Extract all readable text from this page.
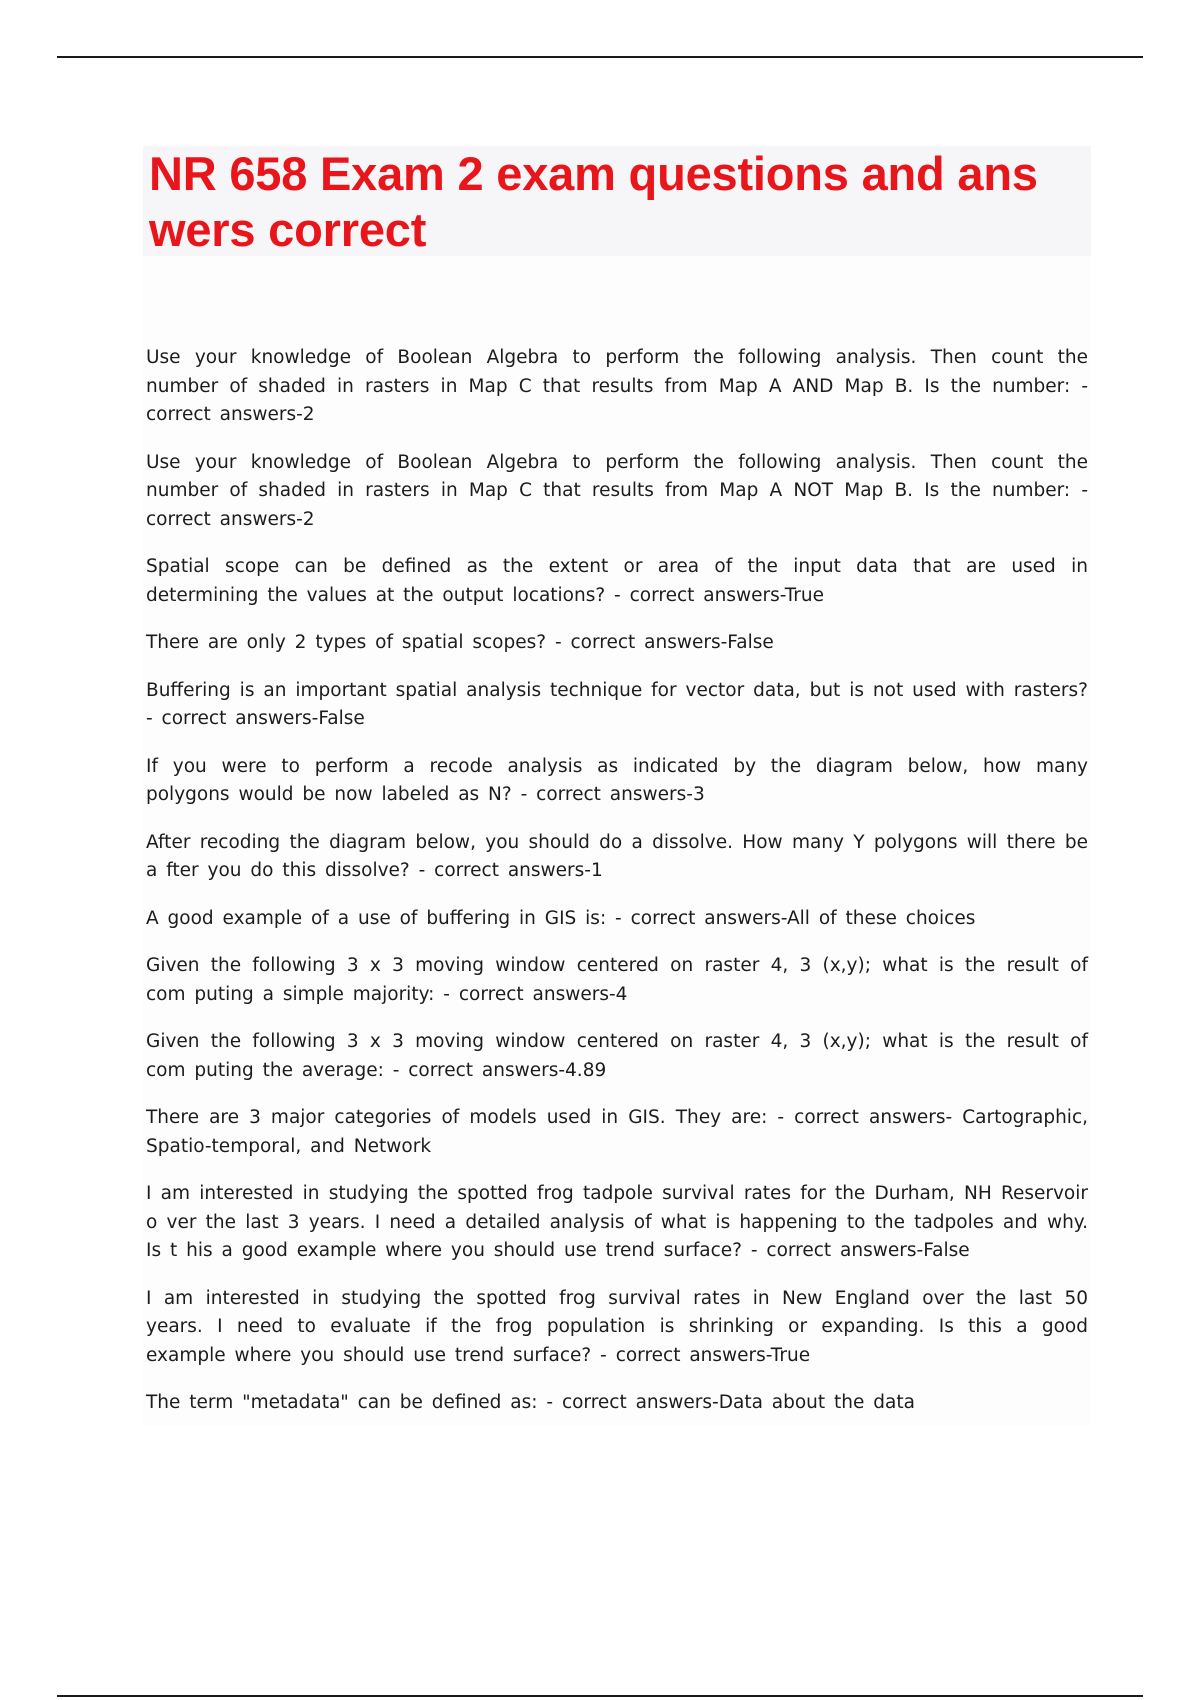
NR 658 Exam 2 exam questions and ans
wers correct

Use your knowledge of Boolean Algebra to perform the following analysis. Then count the number of shaded in rasters in Map C that results from Map A AND Map B. Is the number: - correct answers-2

Use your knowledge of Boolean Algebra to perform the following analysis. Then count the number of shaded in rasters in Map C that results from Map A NOT Map B. Is the number: - correct answers-2

Spatial scope can be defined as the extent or area of the input data that are used in determining the values at the output locations? - correct answers-True

There are only 2 types of spatial scopes? - correct answers-False

Buffering is an important spatial analysis technique for vector data, but is not used with rasters? - correct answers-False

If you were to perform a recode analysis as indicated by the diagram below, how many polygons would be now labeled as N? - correct answers-3

After recoding the diagram below, you should do a dissolve. How many Y polygons will there be a fter you do this dissolve? - correct answers-1

A good example of a use of buffering in GIS is: - correct answers-All of these choices

Given the following 3 x 3 moving window centered on raster 4, 3 (x,y); what is the result of com puting a simple majority: - correct answers-4

Given the following 3 x 3 moving window centered on raster 4, 3 (x,y); what is the result of com puting the average: - correct answers-4.89

There are 3 major categories of models used in GIS. They are: - correct answers- Cartographic, Spatio-temporal, and Network

I am interested in studying the spotted frog tadpole survival rates for the Durham, NH Reservoir o ver the last 3 years. I need a detailed analysis of what is happening to the tadpoles and why. Is t his a good example where you should use trend surface? - correct answers-False

I am interested in studying the spotted frog survival rates in New England over the last 50 years. I need to evaluate if the frog population is shrinking or expanding. Is this a good example where you should use trend surface? - correct answers-True

The term "metadata" can be defined as: - correct answers-Data about the data
